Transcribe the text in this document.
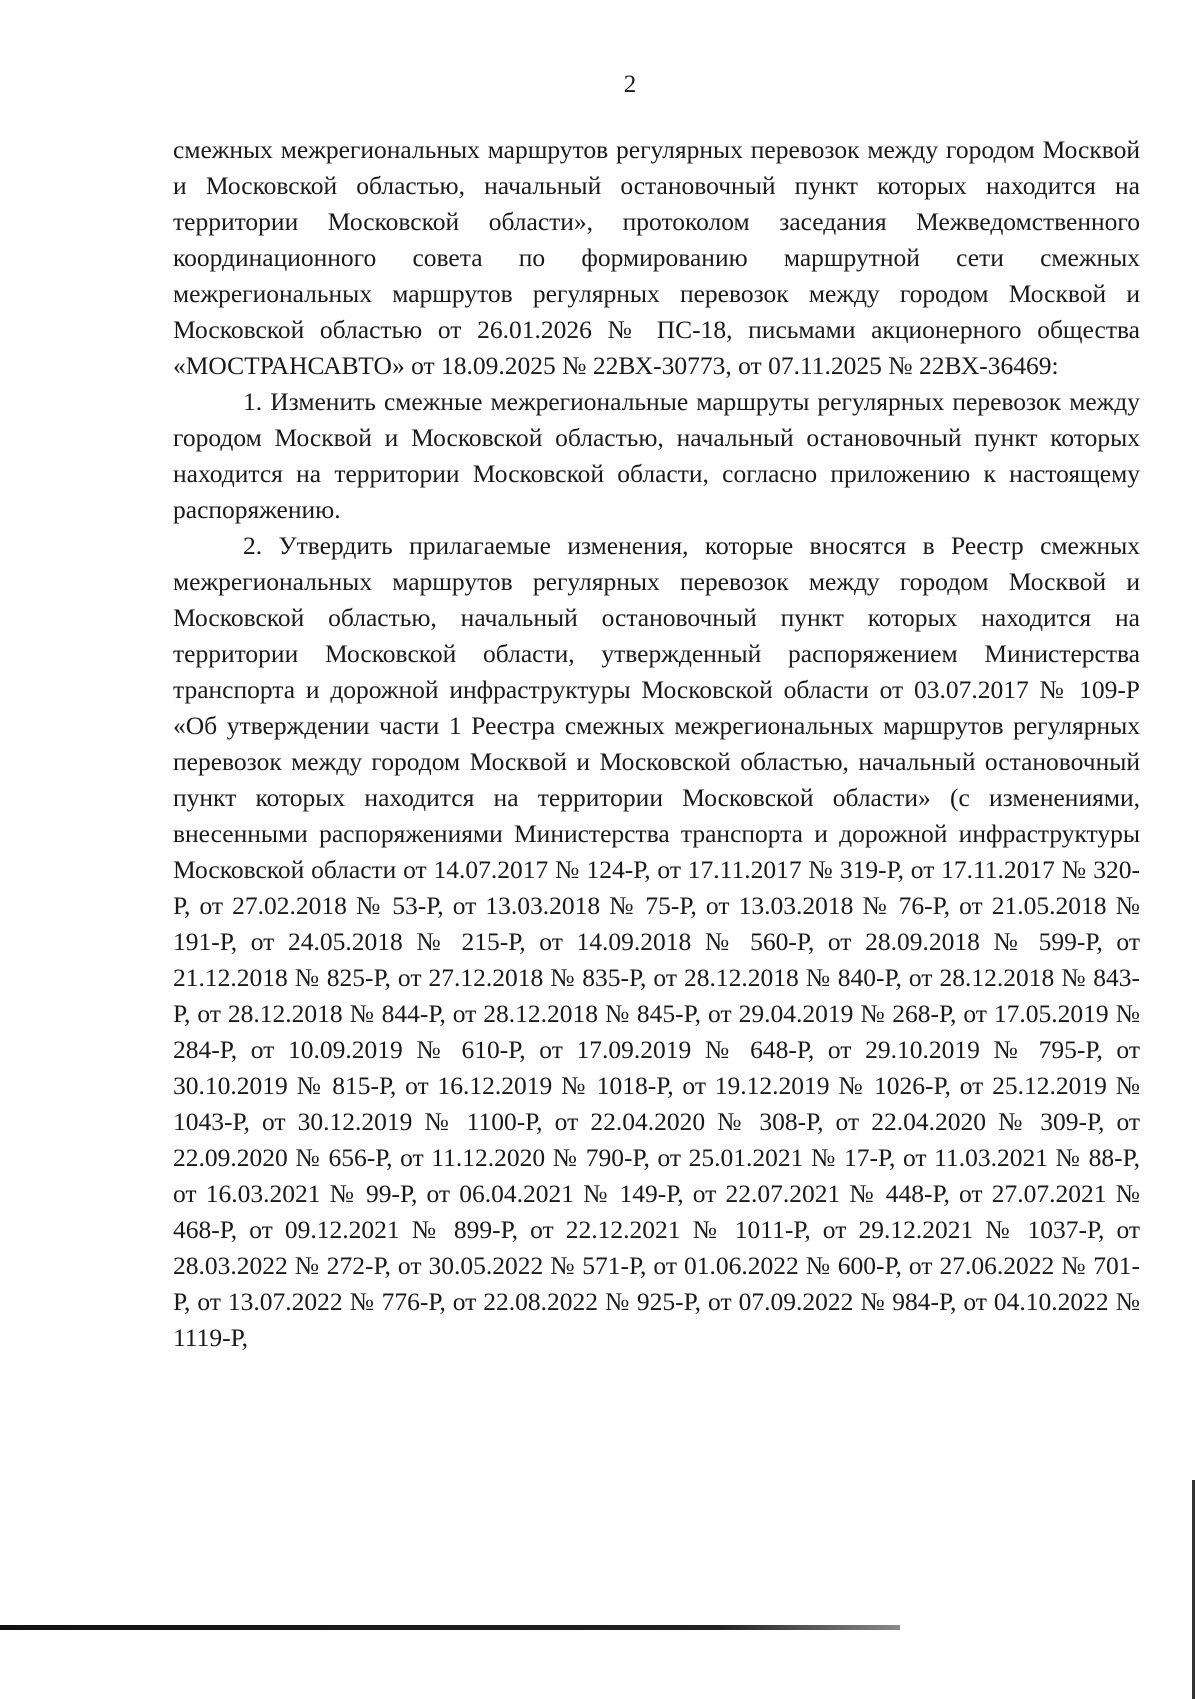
2

смежных межрегиональных маршрутов регулярных перевозок между городом Москвой и Московской областью, начальный остановочный пункт которых находится на территории Московской области», протоколом заседания Межведомственного координационного совета по формированию маршрутной сети смежных межрегиональных маршрутов регулярных перевозок между городом Москвой и Московской областью от 26.01.2026 № ПС-18, письмами акционерного общества «МОСТРАНСАВТО» от 18.09.2025 № 22ВХ-30773, от 07.11.2025 № 22ВХ-36469:

1. Изменить смежные межрегиональные маршруты регулярных перевозок между городом Москвой и Московской областью, начальный остановочный пункт которых находится на территории Московской области, согласно приложению к настоящему распоряжению.

2. Утвердить прилагаемые изменения, которые вносятся в Реестр смежных межрегиональных маршрутов регулярных перевозок между городом Москвой и Московской областью, начальный остановочный пункт которых находится на территории Московской области, утвержденный распоряжением Министерства транспорта и дорожной инфраструктуры Московской области от 03.07.2017 № 109-Р «Об утверждении части 1 Реестра смежных межрегиональных маршрутов регулярных перевозок между городом Москвой и Московской областью, начальный остановочный пункт которых находится на территории Московской области» (с изменениями, внесенными распоряжениями Министерства транспорта и дорожной инфраструктуры Московской области от 14.07.2017 № 124-Р, от 17.11.2017 № 319-Р, от 17.11.2017 № 320-Р, от 27.02.2018 № 53-Р, от 13.03.2018 № 75-Р, от 13.03.2018 № 76-Р, от 21.05.2018 № 191-Р, от 24.05.2018 № 215-Р, от 14.09.2018 № 560-Р, от 28.09.2018 № 599-Р, от 21.12.2018 № 825-Р, от 27.12.2018 № 835-Р, от 28.12.2018 № 840-Р, от 28.12.2018 № 843-Р, от 28.12.2018 № 844-Р, от 28.12.2018 № 845-Р, от 29.04.2019 № 268-Р, от 17.05.2019 № 284-Р, от 10.09.2019 № 610-Р, от 17.09.2019 № 648-Р, от 29.10.2019 № 795-Р, от 30.10.2019 № 815-Р, от 16.12.2019 № 1018-Р, от 19.12.2019 № 1026-Р, от 25.12.2019 № 1043-Р, от 30.12.2019 № 1100-Р, от 22.04.2020 № 308-Р, от 22.04.2020 № 309-Р, от 22.09.2020 № 656-Р, от 11.12.2020 № 790-Р, от 25.01.2021 № 17-Р, от 11.03.2021 № 88-Р, от 16.03.2021 № 99-Р, от 06.04.2021 № 149-Р, от 22.07.2021 № 448-Р, от 27.07.2021 № 468-Р, от 09.12.2021 № 899-Р, от 22.12.2021 № 1011-Р, от 29.12.2021 № 1037-Р, от 28.03.2022 № 272-Р, от 30.05.2022 № 571-Р, от 01.06.2022 № 600-Р, от 27.06.2022 № 701-Р, от 13.07.2022 № 776-Р, от 22.08.2022 № 925-Р, от 07.09.2022 № 984-Р, от 04.10.2022 № 1119-Р,
